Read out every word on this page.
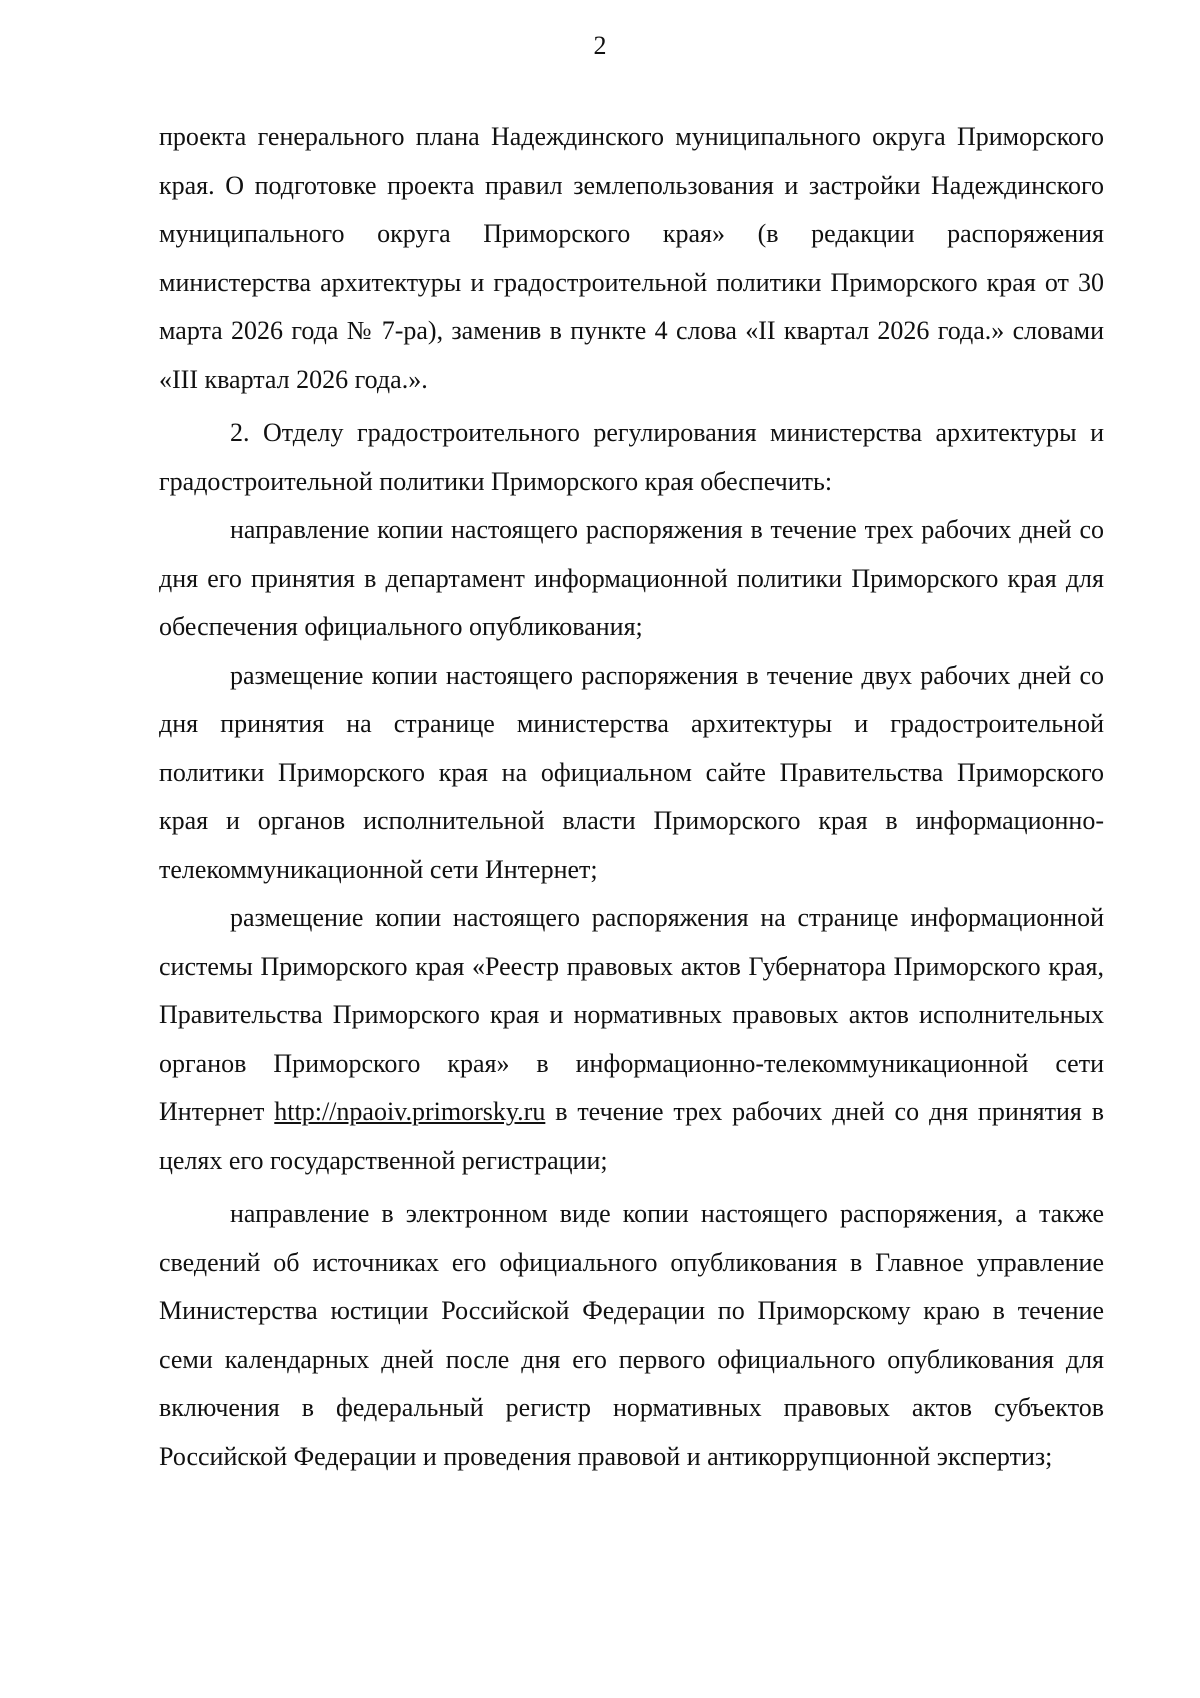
2

проекта генерального плана Надеждинского муниципального округа Приморского края. О подготовке проекта правил землепользования и застройки Надеждинского муниципального округа Приморского края» (в редакции распоряжения министерства архитектуры и градостроительной политики Приморского края от 30 марта 2026 года № 7-ра), заменив в пункте 4 слова «II квартал 2026 года.» словами «III квартал 2026 года.».

2. Отделу градостроительного регулирования министерства архитектуры и градостроительной политики Приморского края обеспечить:

направление копии настоящего распоряжения в течение трех рабочих дней со дня его принятия в департамент информационной политики Приморского края для обеспечения официального опубликования;

размещение копии настоящего распоряжения в течение двух рабочих дней со дня принятия на странице министерства архитектуры и градостроительной политики Приморского края на официальном сайте Правительства Приморского края и органов исполнительной власти Приморского края в информационно-телекоммуникационной сети Интернет;

размещение копии настоящего распоряжения на странице информационной системы Приморского края «Реестр правовых актов Губернатора Приморского края, Правительства Приморского края и нормативных правовых актов исполнительных органов Приморского края» в информационно-телекоммуникационной сети Интернет http://npaoiv.primorsky.ru в течение трех рабочих дней со дня принятия в целях его государственной регистрации;

направление в электронном виде копии настоящего распоряжения, а также сведений об источниках его официального опубликования в Главное управление Министерства юстиции Российской Федерации по Приморскому краю в течение семи календарных дней после дня его первого официального опубликования для включения в федеральный регистр нормативных правовых актов субъектов Российской Федерации и проведения правовой и антикоррупционной экспертиз;
